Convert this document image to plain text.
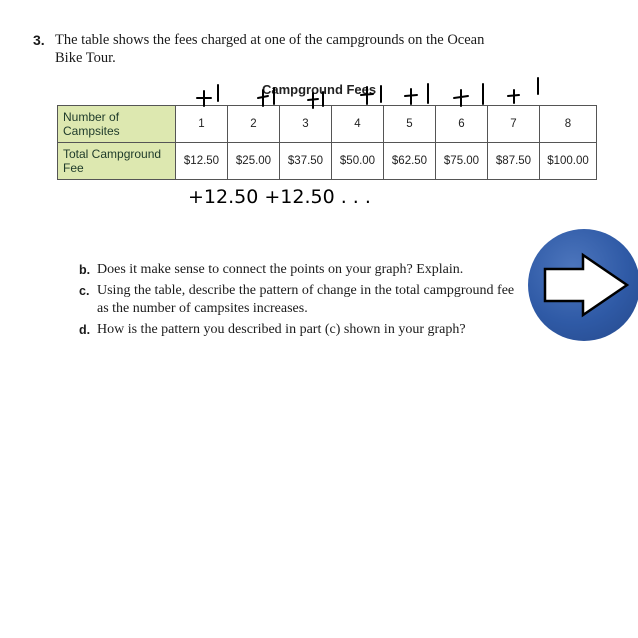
3. The table shows the fees charged at one of the campgrounds on the Ocean Bike Tour.
Campground Fees
Number of Campsites	1	2	3	4	5	6	7	8
Total Campground Fee	$12.50	$25.00	$37.50	$50.00	$62.50	$75.00	$87.50	$100.00
+12.50 +12.50 . . .
b. Does it make sense to connect the points on your graph? Explain.
c. Using the table, describe the pattern of change in the total campground fee as the number of campsites increases.
d. How is the pattern you described in part (c) shown in your graph?
